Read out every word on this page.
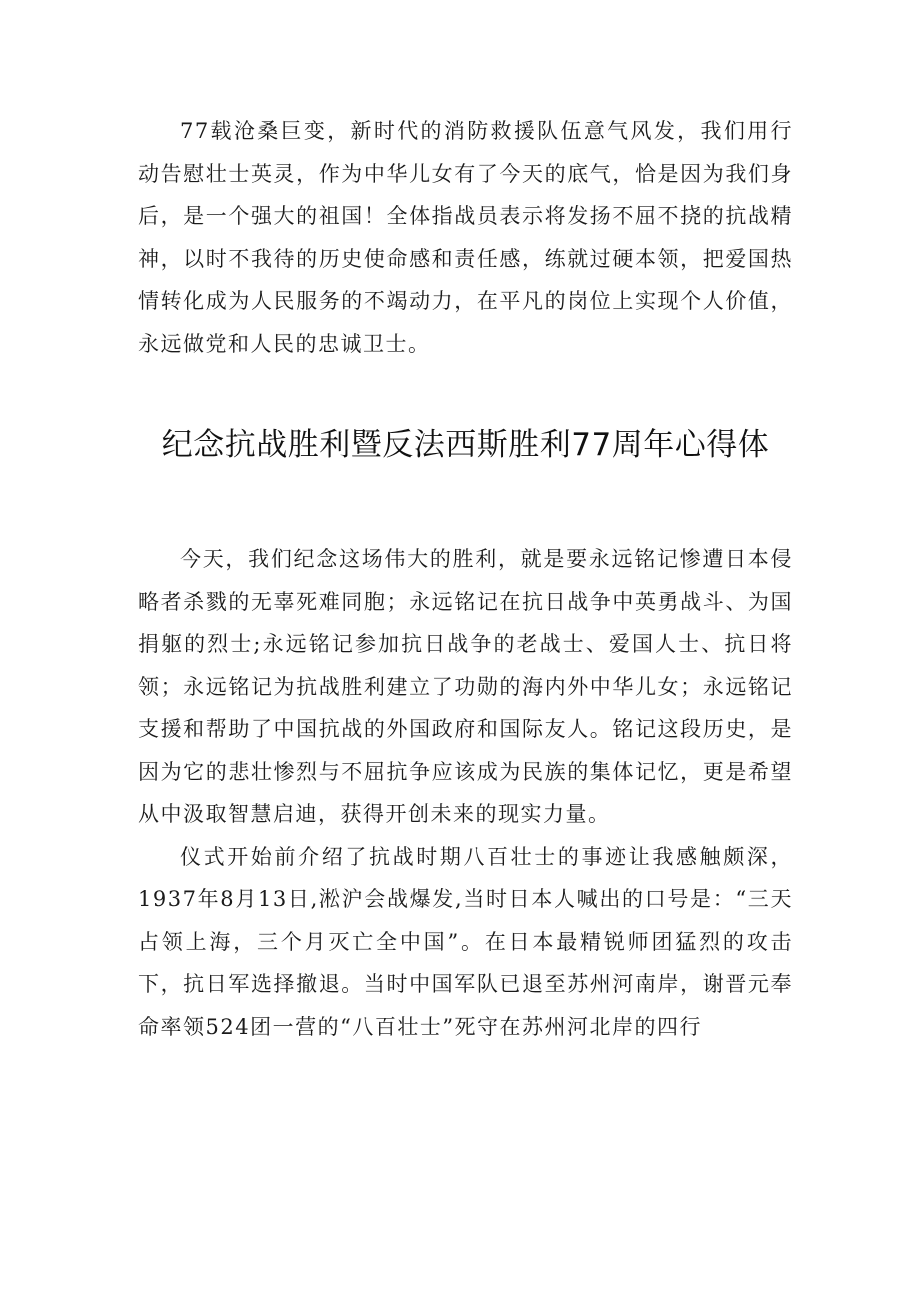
77载沧桑巨变，新时代的消防救援队伍意气风发，我们用行动告慰壮士英灵，作为中华儿女有了今天的底气，恰是因为我们身后，是一个强大的祖国！全体指战员表示将发扬不屈不挠的抗战精神，以时不我待的历史使命感和责任感，练就过硬本领，把爱国热情转化成为人民服务的不竭动力，在平凡的岗位上实现个人价值，永远做党和人民的忠诚卫士。

纪念抗战胜利暨反法西斯胜利77周年心得体

今天，我们纪念这场伟大的胜利，就是要永远铭记惨遭日本侵略者杀戮的无辜死难同胞；永远铭记在抗日战争中英勇战斗、为国捐躯的烈士;永远铭记参加抗日战争的老战士、爱国人士、抗日将领；永远铭记为抗战胜利建立了功勋的海内外中华儿女；永远铭记支援和帮助了中国抗战的外国政府和国际友人。铭记这段历史，是因为它的悲壮惨烈与不屈抗争应该成为民族的集体记忆，更是希望从中汲取智慧启迪，获得开创未来的现实力量。

仪式开始前介绍了抗战时期八百壮士的事迹让我感触颇深，1937年8月13日,淞沪会战爆发,当时日本人喊出的口号是：“三天占领上海，三个月灭亡全中国”。在日本最精锐师团猛烈的攻击下，抗日军选择撤退。当时中国军队已退至苏州河南岸，谢晋元奉命率领524团一营的“八百壮士”死守在苏州河北岸的四行
